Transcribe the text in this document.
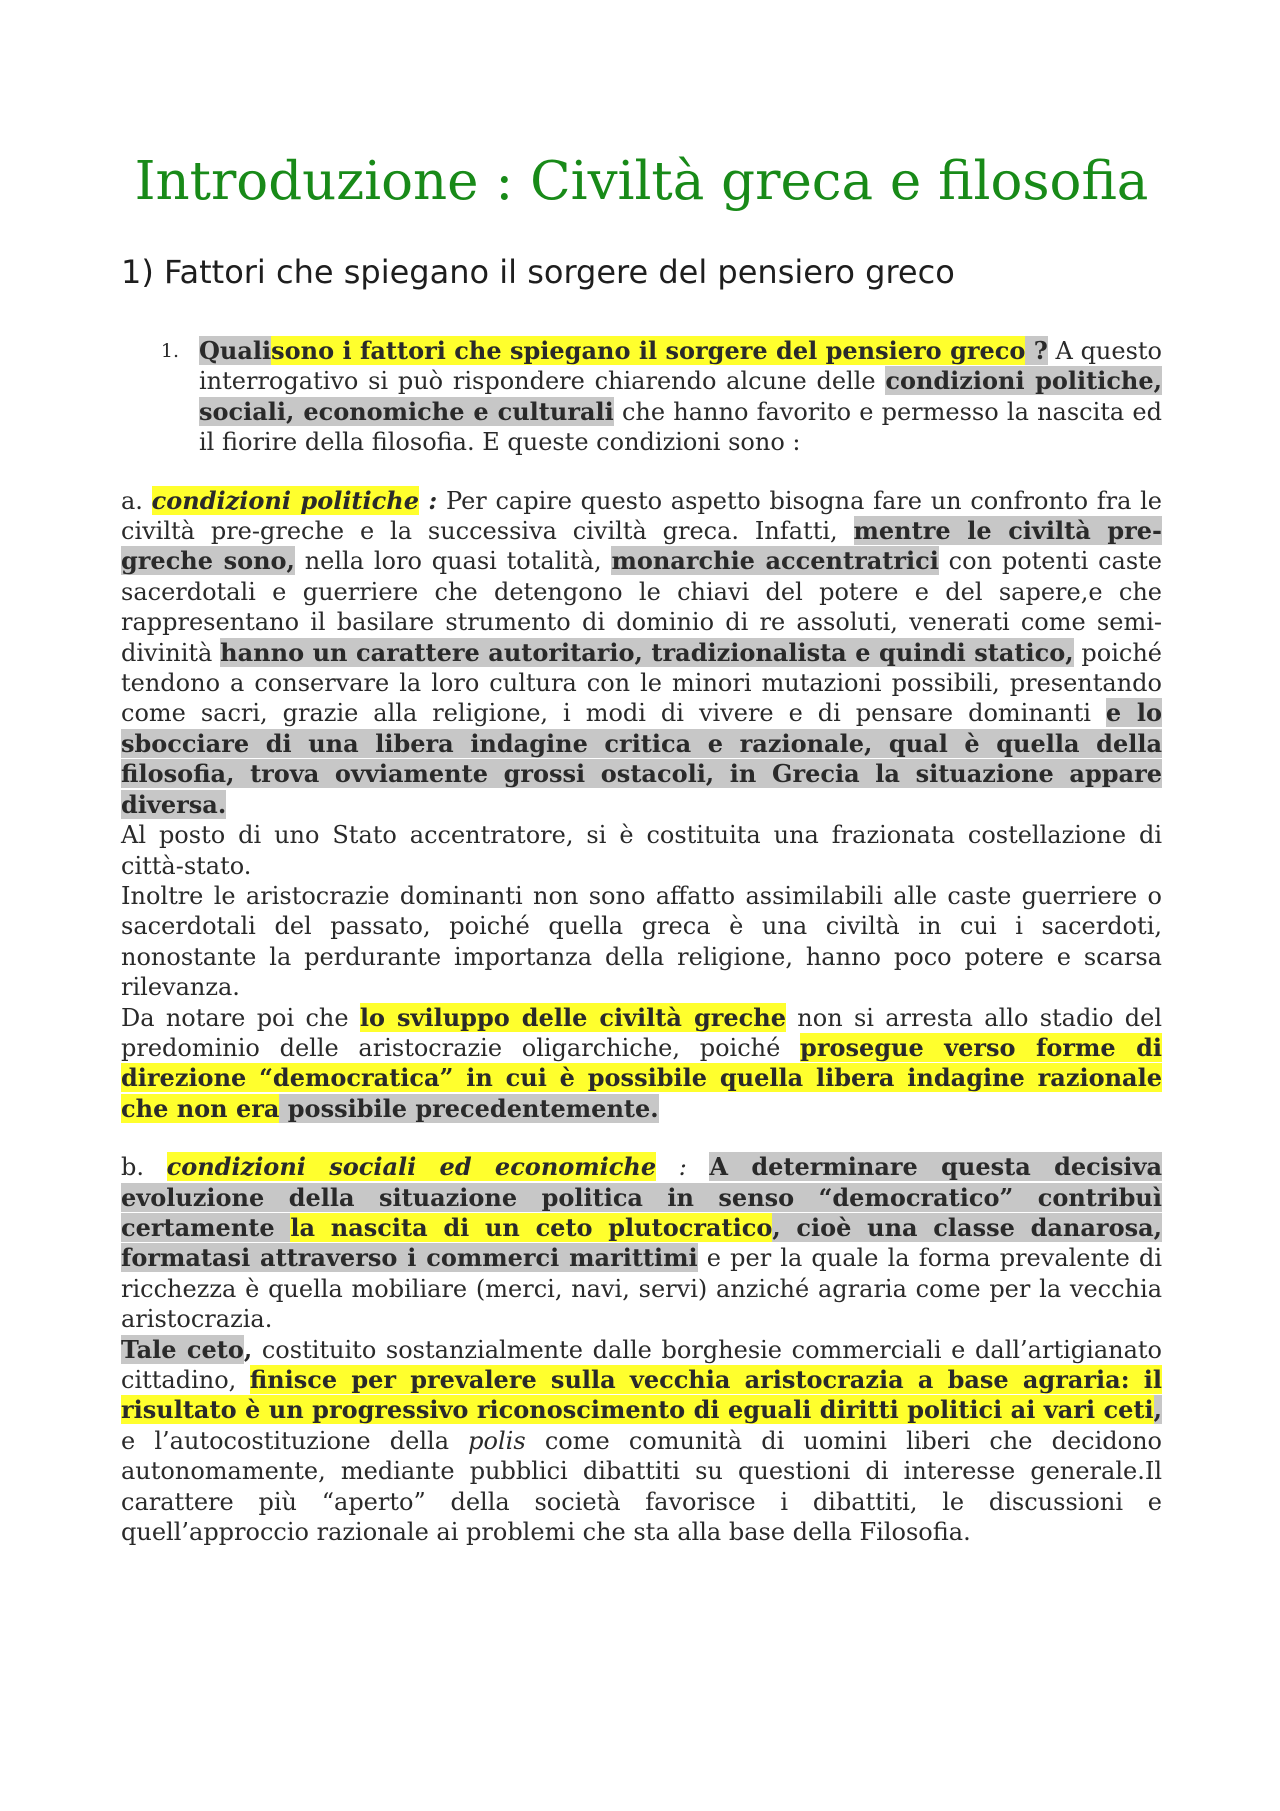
Introduzione : Civiltà greca e filosofia
1) Fattori che spiegano il sorgere del pensiero greco
1. Qualisono i fattori che spiegano il sorgere del pensiero greco ? A questo interrogativo si può rispondere chiarendo alcune delle condizioni politiche, sociali, economiche e culturali che hanno favorito e permesso la nascita ed il fiorire della filosofia. E queste condizioni sono :

a. condizioni politiche : Per capire questo aspetto bisogna fare un confronto fra le civiltà pre-greche e la successiva civiltà greca. Infatti, mentre le civiltà pre-greche sono, nella loro quasi totalità, monarchie accentratrici con potenti caste sacerdotali e guerriere che detengono le chiavi del potere e del sapere,e che rappresentano il basilare strumento di dominio di re assoluti, venerati come semi-divinità hanno un carattere autoritario, tradizionalista e quindi statico, poiché tendono a conservare la loro cultura con le minori mutazioni possibili, presentando come sacri, grazie alla religione, i modi di vivere e di pensare dominanti e lo sbocciare di una libera indagine critica e razionale, qual è quella della filosofia, trova ovviamente grossi ostacoli, in Grecia la situazione appare diversa.

Al posto di uno Stato accentratore, si è costituita una frazionata costellazione di città-stato.

Inoltre le aristocrazie dominanti non sono affatto assimilabili alle caste guerriere o sacerdotali del passato, poiché quella greca è una civiltà in cui i sacerdoti, nonostante la perdurante importanza della religione, hanno poco potere e scarsa rilevanza.

Da notare poi che lo sviluppo delle civiltà greche non si arresta allo stadio del predominio delle aristocrazie oligarchiche, poiché prosegue verso forme di direzione “democratica” in cui è possibile quella libera indagine razionale che non era possibile precedentemente.

b. condizioni sociali ed economiche : A determinare questa decisiva evoluzione della situazione politica in senso “democratico” contribuì certamente la nascita di un ceto plutocratico, cioè una classe danarosa, formatasi attraverso i commerci marittimi e per la quale la forma prevalente di ricchezza è quella mobiliare (merci, navi, servi) anziché agraria come per la vecchia aristocrazia.

Tale ceto, costituito sostanzialmente dalle borghesie commerciali e dall’artigianato cittadino, finisce per prevalere sulla vecchia aristocrazia a base agraria: il risultato è un progressivo riconoscimento di eguali diritti politici ai vari ceti, e l’autocostituzione della polis come comunità di uomini liberi che decidono autonomamente, mediante pubblici dibattiti su questioni di interesse generale.Il carattere più “aperto” della società favorisce i dibattiti, le discussioni e quell’approccio razionale ai problemi che sta alla base della Filosofia.
